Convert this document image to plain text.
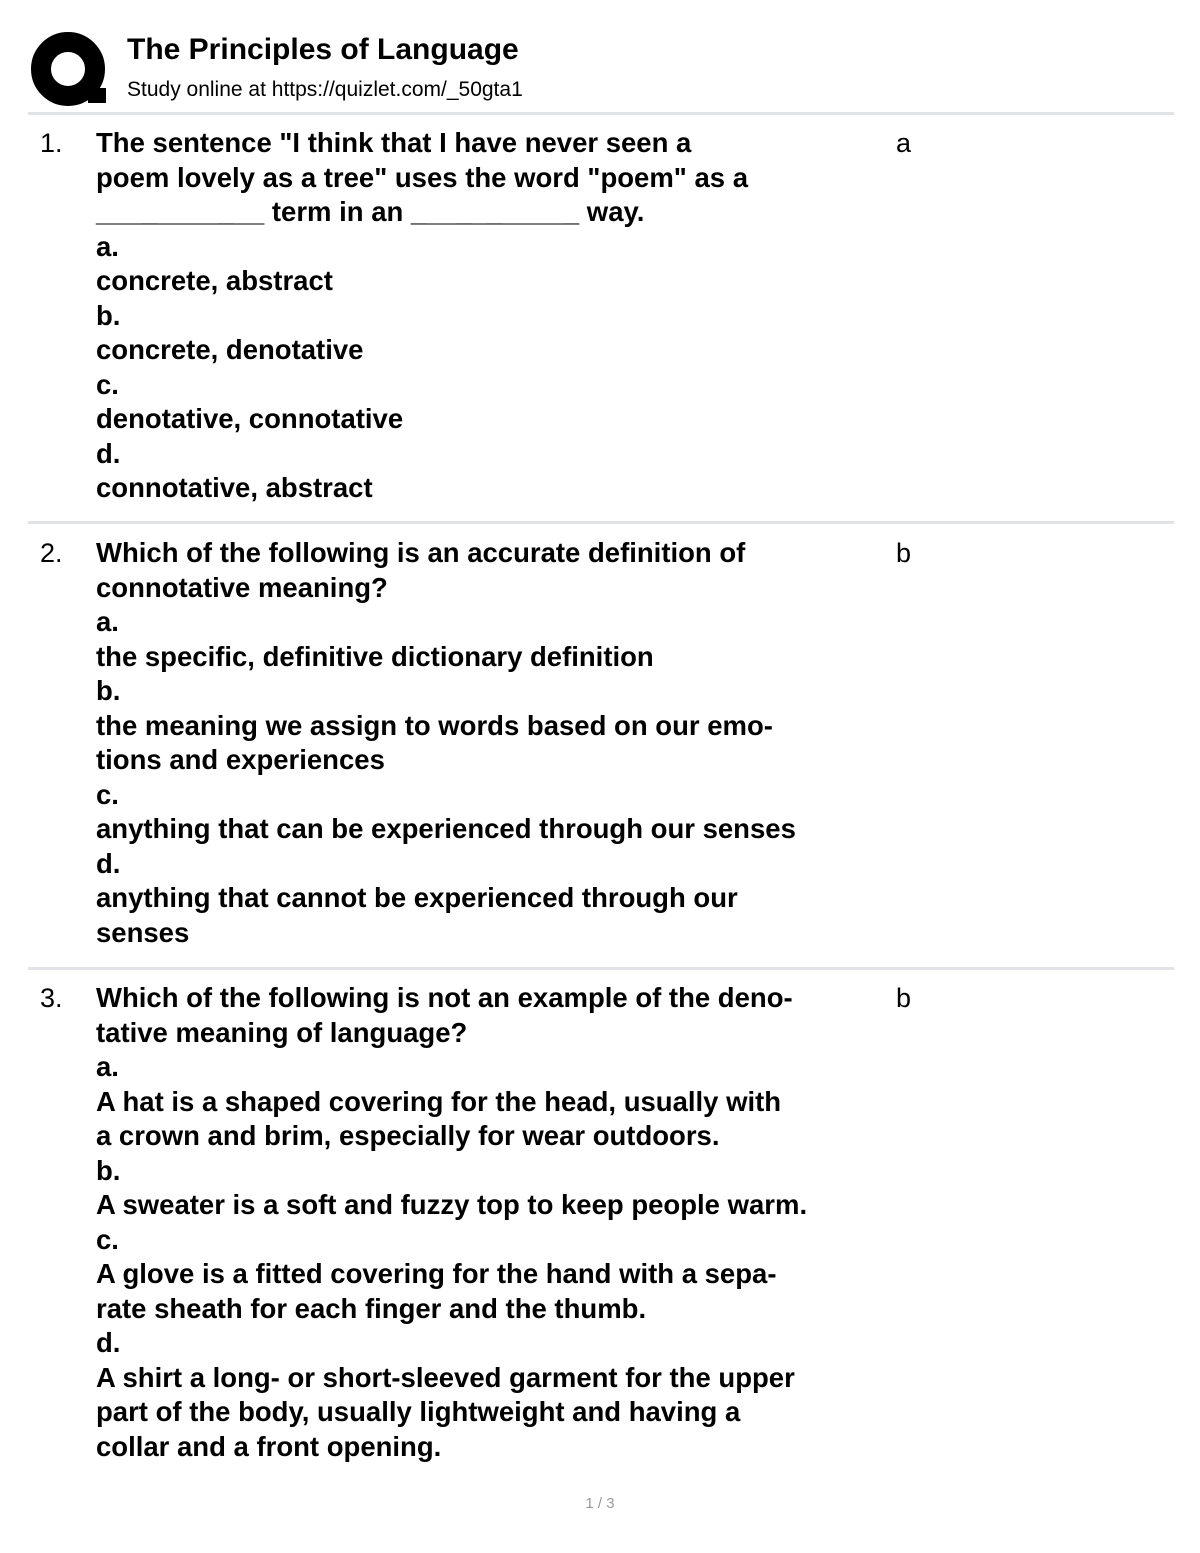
The Principles of Language
Study online at https://quizlet.com/_50gta1
1. The sentence "I think that I have never seen a
poem lovely as a tree" uses the word "poem" as a
___________ term in an ___________ way.
a.
concrete, abstract
b.
concrete, denotative
c.
denotative, connotative
d.
connotative, abstract
a
2. Which of the following is an accurate definition of
connotative meaning?
a.
the specific, definitive dictionary definition
b.
the meaning we assign to words based on our emo-
tions and experiences
c.
anything that can be experienced through our senses
d.
anything that cannot be experienced through our
senses
b
3. Which of the following is not an example of the deno-
tative meaning of language?
a.
A hat is a shaped covering for the head, usually with
a crown and brim, especially for wear outdoors.
b.
A sweater is a soft and fuzzy top to keep people warm.
c.
A glove is a fitted covering for the hand with a sepa-
rate sheath for each finger and the thumb.
d.
A shirt a long- or short-sleeved garment for the upper
part of the body, usually lightweight and having a
collar and a front opening.
b
1 / 3
